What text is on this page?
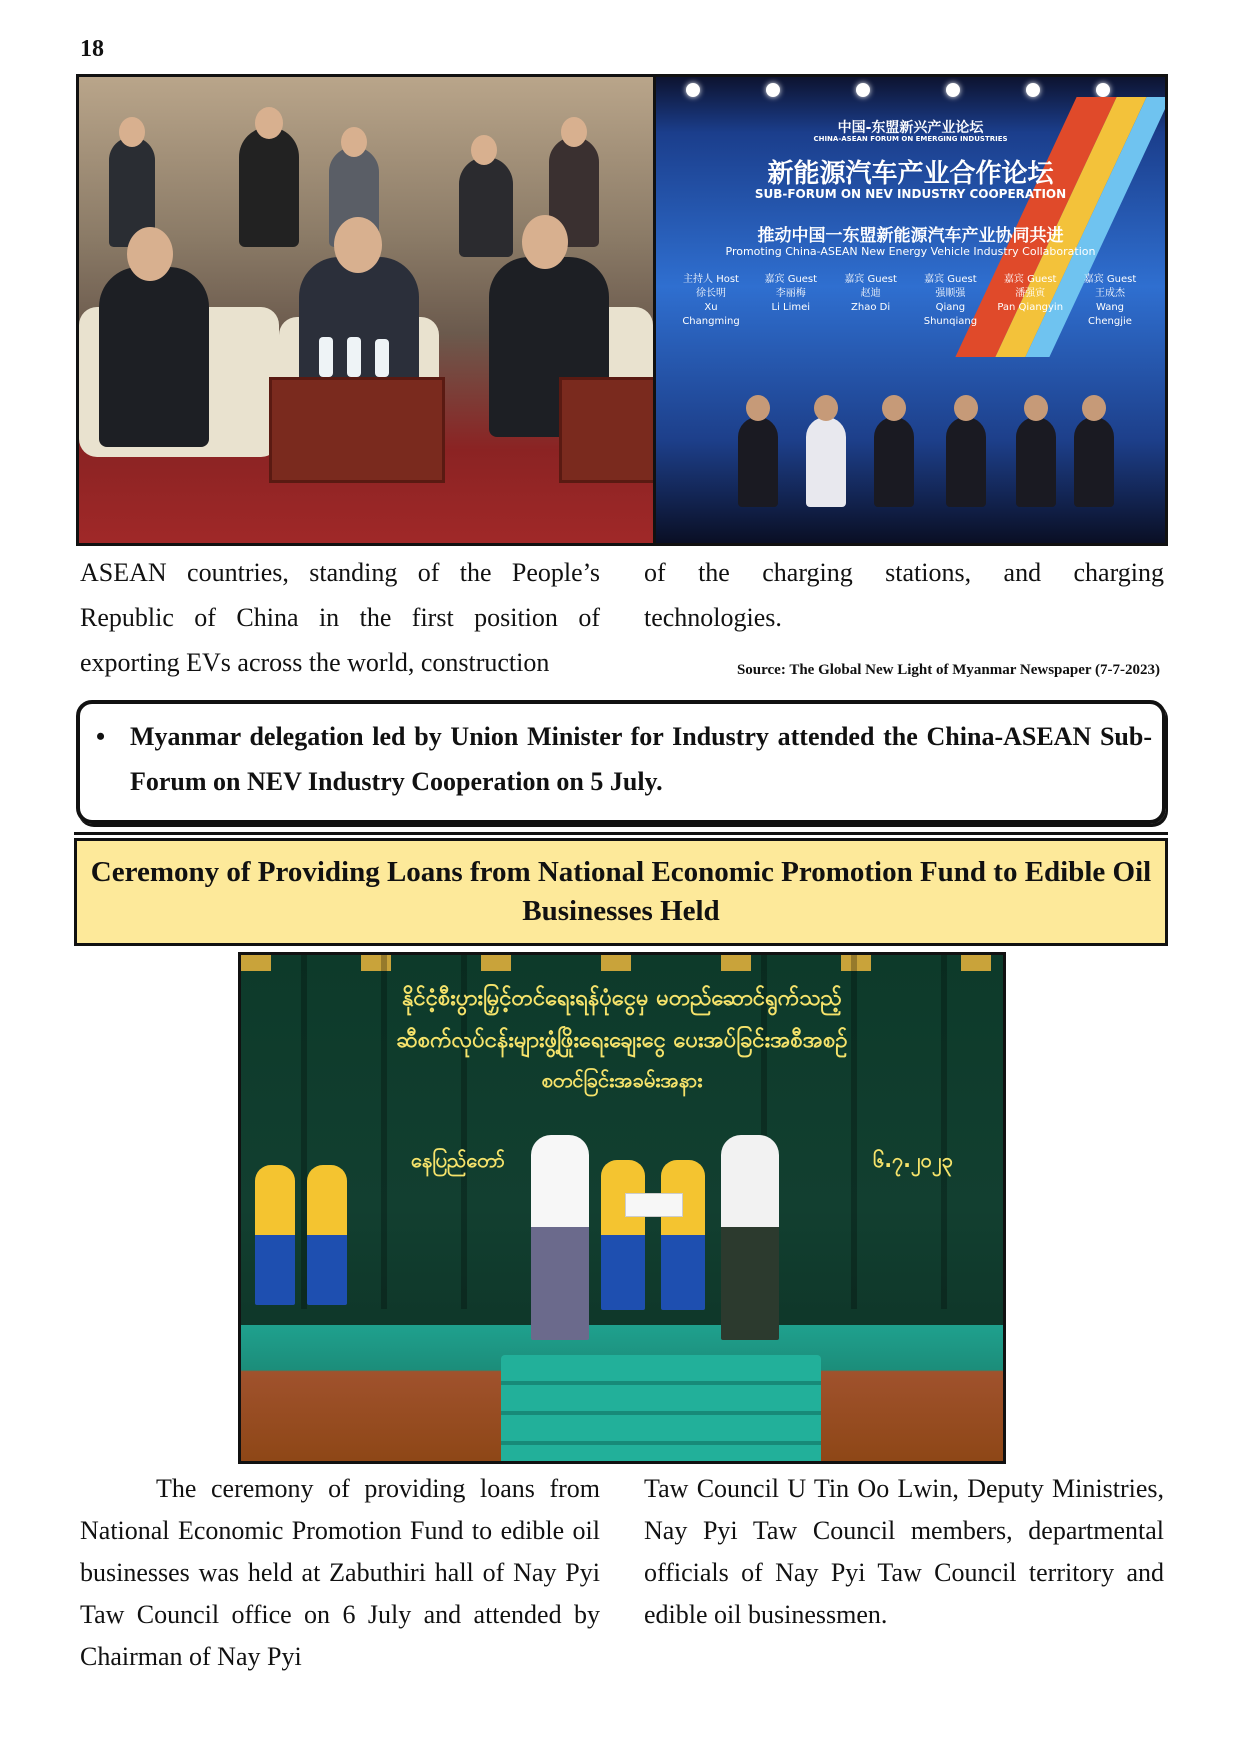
18
中国-东盟新兴产业论坛
CHINA-ASEAN FORUM ON EMERGING INDUSTRIES
新能源汽车产业合作论坛
SUB-FORUM ON NEV INDUSTRY COOPERATION
推动中国一东盟新能源汽车产业协同共进
Promoting China-ASEAN New Energy Vehicle Industry Collaboration
主持人 Host
徐长明
Xu Changming
嘉宾 Guest
李丽梅
Li Limei
嘉宾 Guest
赵迪
Zhao Di
嘉宾 Guest
强顺强
Qiang Shunqiang
嘉宾 Guest
潘强寅
Pan Qiangyin
嘉宾 Guest
王成杰
Wang Chengjie
ASEAN countries, standing of the People’s Republic of China in the first position of exporting EVs across the world, construction
of the charging stations, and charging technologies.
Source: The Global New Light of Myanmar Newspaper (7-7-2023)
• Myanmar delegation led by Union Minister for Industry attended the China-ASEAN Sub-Forum on NEV Industry Cooperation on 5 July.
Ceremony of Providing Loans from National Economic Promotion Fund to Edible Oil Businesses Held
နိုင်ငံ့စီးပွားမြှင့်တင်ရေးရန်ပုံငွေမှ မတည်ဆောင်ရွက်သည့်
ဆီစက်လုပ်ငန်းများဖွံ့ဖြိုးရေးချေးငွေ ပေးအပ်ခြင်းအစီအစဉ်
စတင်ခြင်းအခမ်းအနား
နေပြည်တော်	၆.၇.၂၀၂၃
The ceremony of providing loans from National Economic Promotion Fund to edible oil businesses was held at Zabuthiri hall of Nay Pyi Taw Council office on 6 July and attended by Chairman of Nay Pyi
Taw Council U Tin Oo Lwin, Deputy Ministries, Nay Pyi Taw Council members, departmental officials of Nay Pyi Taw Council territory and edible oil businessmen.
